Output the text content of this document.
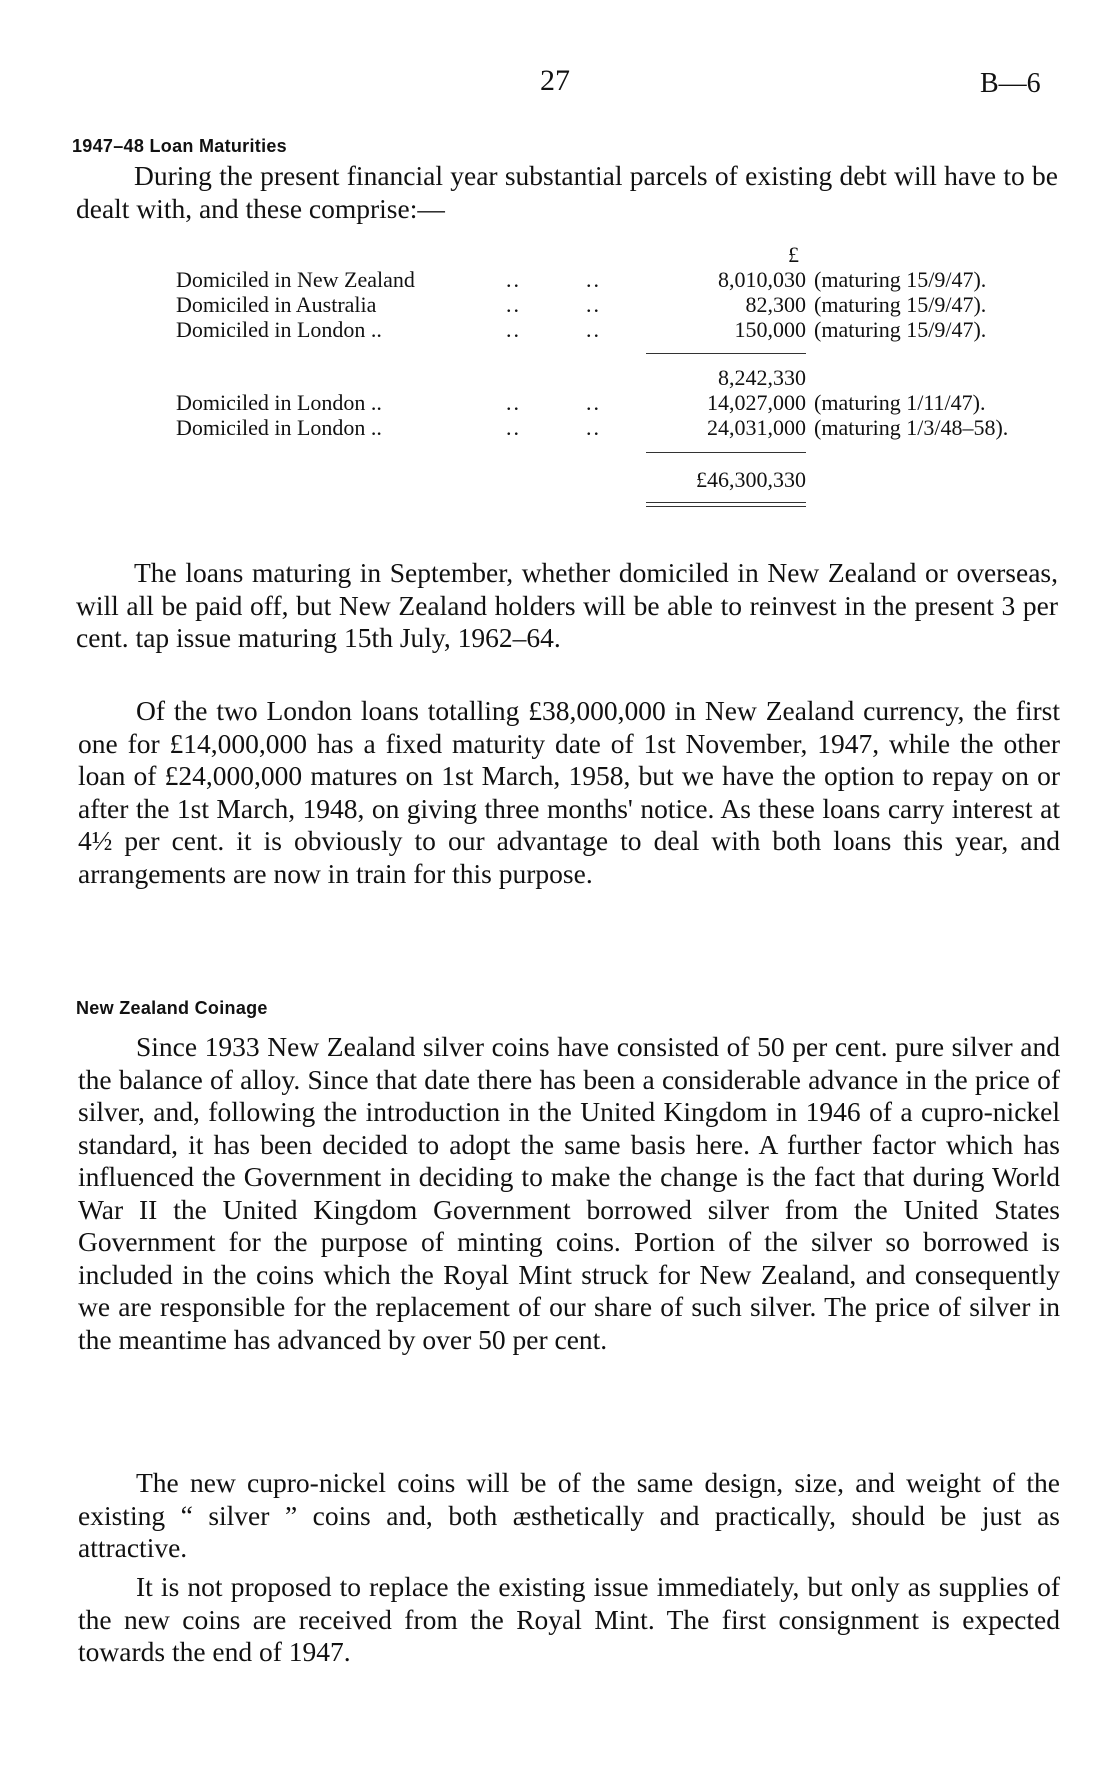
27	B—6
1947–48 Loan Maturities

During the present financial year substantial parcels of existing debt will have to be dealt with, and these comprise:—

£
Domiciled in New Zealand	..	..	8,010,030 (maturing 15/9/47).
Domiciled in Australia	..	..	82,300 (maturing 15/9/47).
Domiciled in London ..	..	..	150,000 (maturing 15/9/47).
8,242,330
Domiciled in London ..	..	..	14,027,000 (maturing 1/11/47).
Domiciled in London ..	..	..	24,031,000 (maturing 1/3/48–58).
£46,300,330

The loans maturing in September, whether domiciled in New Zealand or overseas, will all be paid off, but New Zealand holders will be able to reinvest in the present 3 per cent. tap issue maturing 15th July, 1962–64.

Of the two London loans totalling £38,000,000 in New Zealand currency, the first one for £14,000,000 has a fixed maturity date of 1st November, 1947, while the other loan of £24,000,000 matures on 1st March, 1958, but we have the option to repay on or after the 1st March, 1948, on giving three months' notice. As these loans carry interest at 4½ per cent. it is obviously to our advantage to deal with both loans this year, and arrangements are now in train for this purpose.

New Zealand Coinage

Since 1933 New Zealand silver coins have consisted of 50 per cent. pure silver and the balance of alloy. Since that date there has been a considerable advance in the price of silver, and, following the introduction in the United Kingdom in 1946 of a cupro-nickel standard, it has been decided to adopt the same basis here. A further factor which has influenced the Government in deciding to make the change is the fact that during World War II the United Kingdom Government borrowed silver from the United States Government for the purpose of minting coins. Portion of the silver so borrowed is included in the coins which the Royal Mint struck for New Zealand, and consequently we are responsible for the replacement of our share of such silver. The price of silver in the meantime has advanced by over 50 per cent.

The new cupro-nickel coins will be of the same design, size, and weight of the existing “ silver ” coins and, both æsthetically and practically, should be just as attractive.

It is not proposed to replace the existing issue immediately, but only as supplies of the new coins are received from the Royal Mint. The first consignment is expected towards the end of 1947.
